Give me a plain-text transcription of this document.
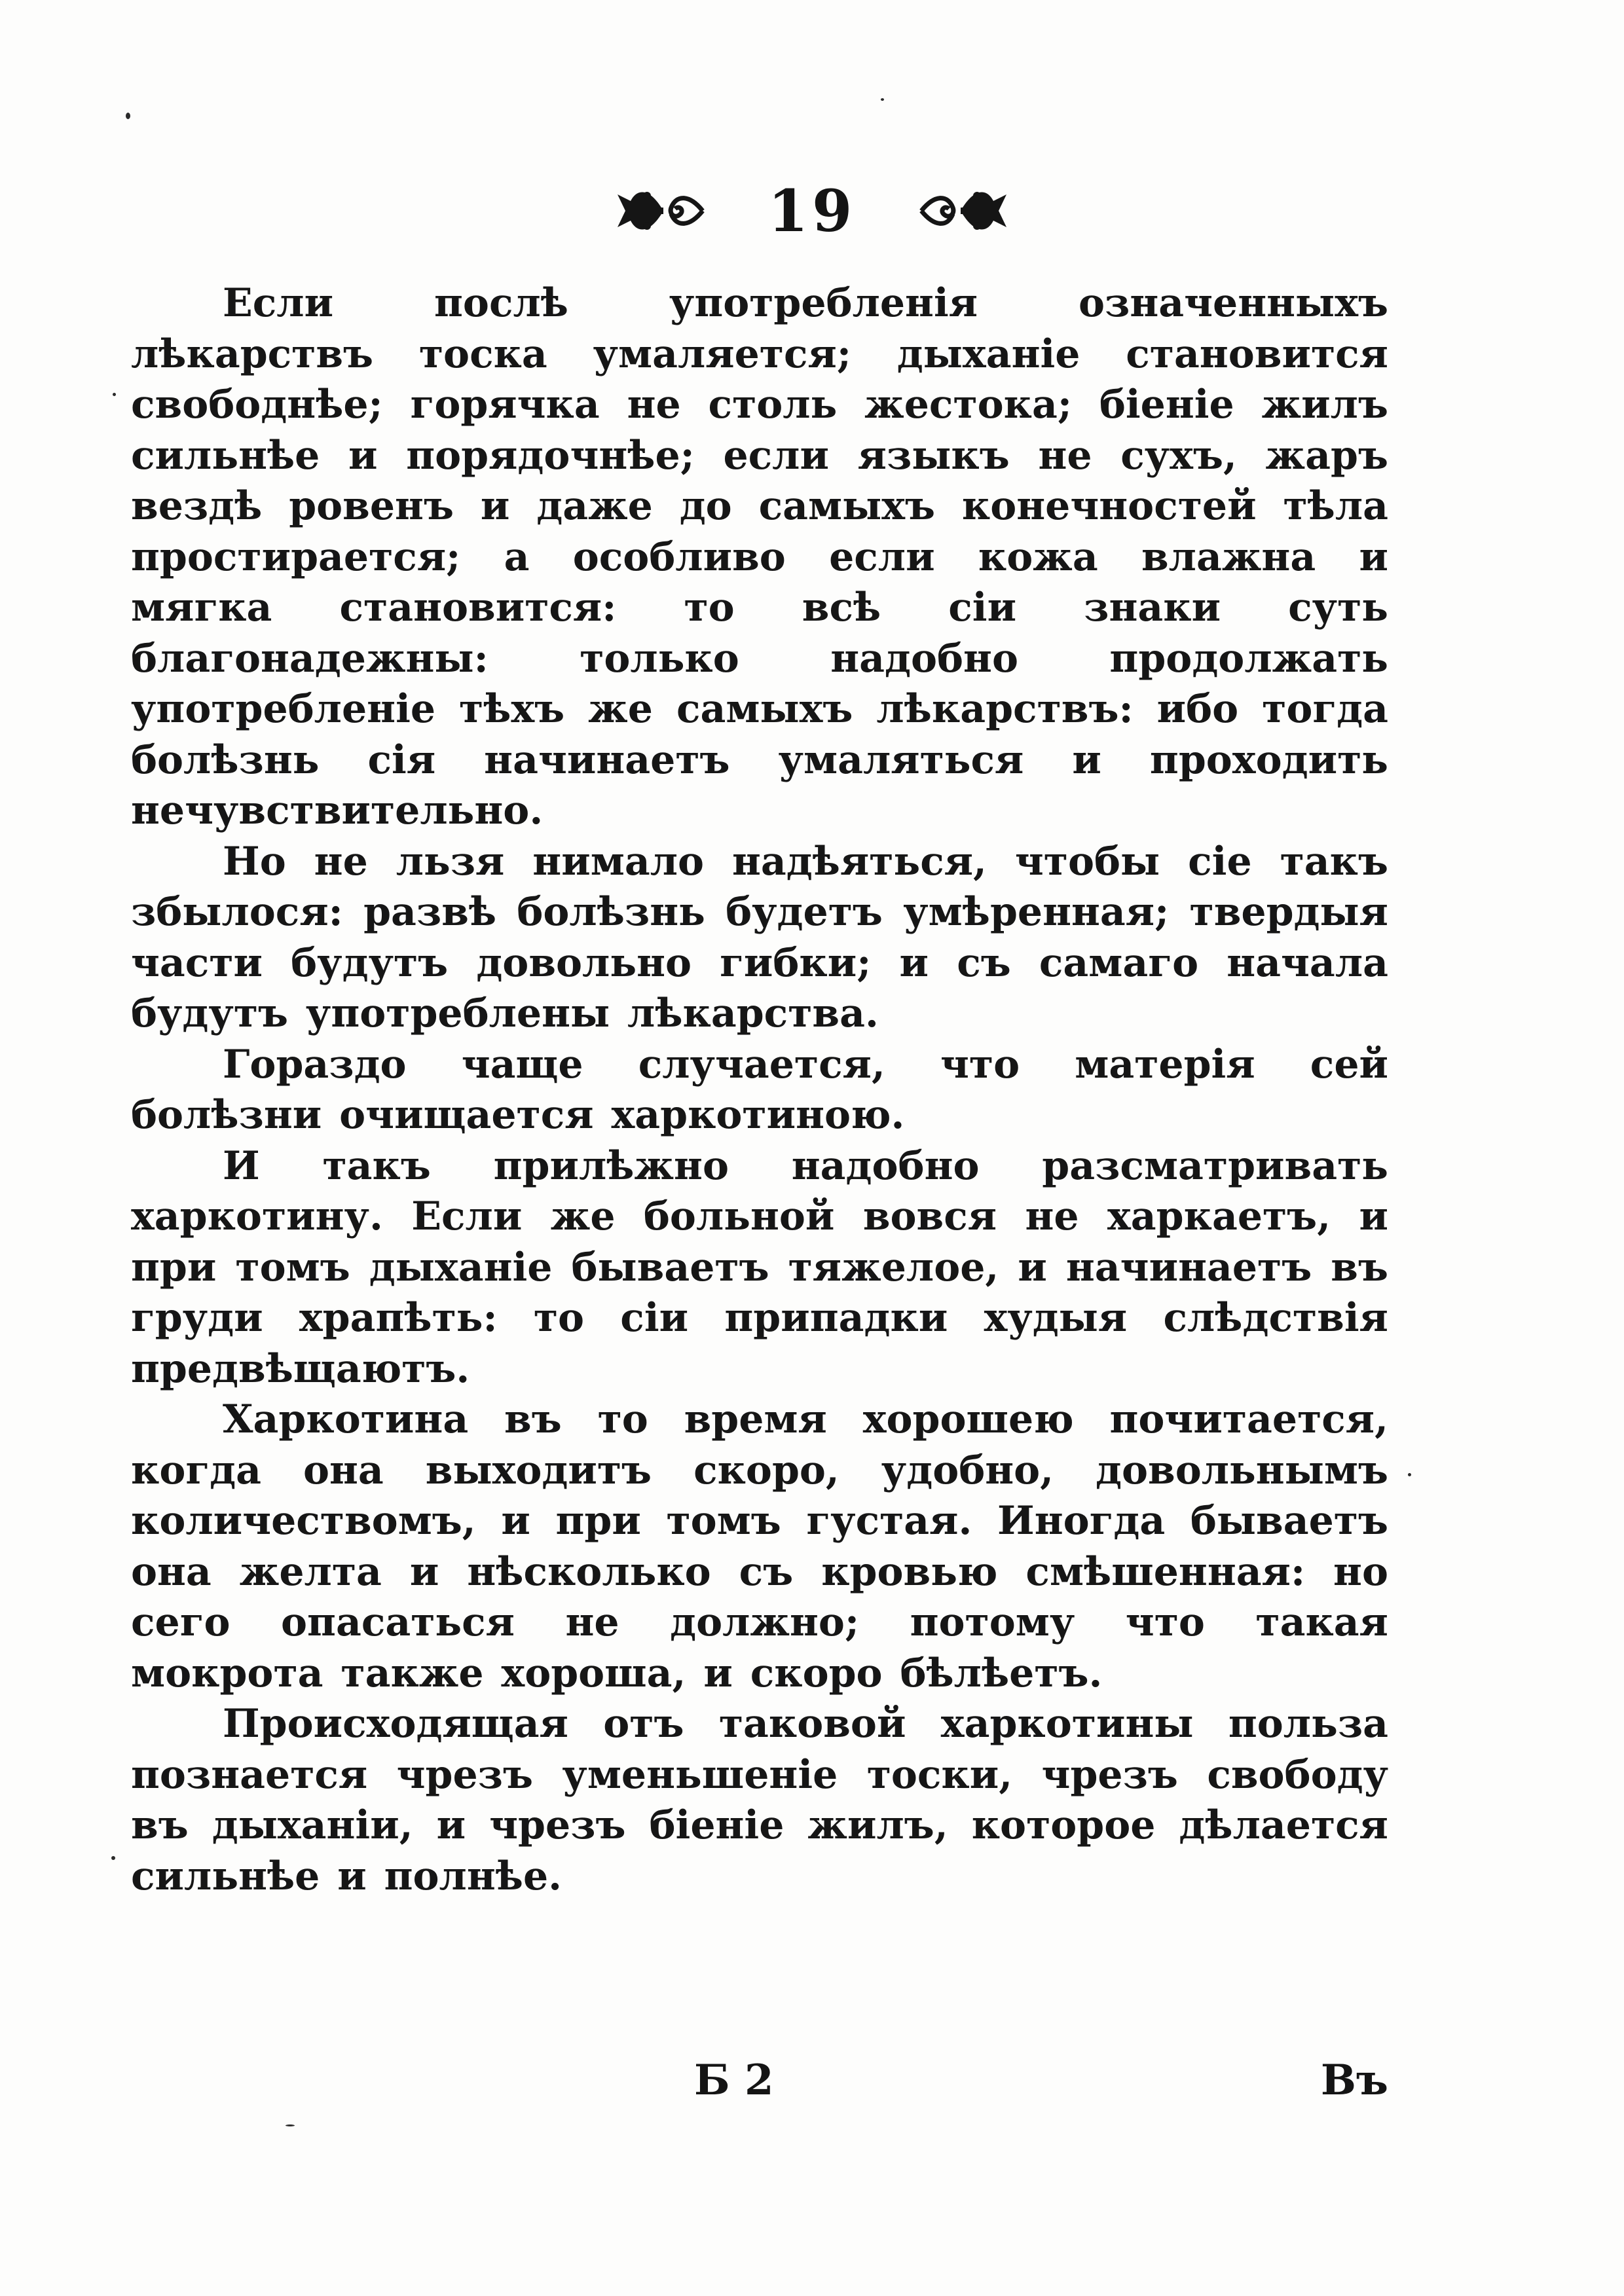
19

Если послѣ употребленія означенныхъ лѣкарствъ тоска умаляется; дыханіе становится свободнѣе; горячка не столь жестока; біеніе жилъ сильнѣе и порядочнѣе; если языкъ не сухъ, жаръ вездѣ ровенъ и даже до самыхъ конечностей тѣла простирается; а особливо если кожа влажна и мягка становится: то всѣ сіи знаки суть благонадежны: только надобно продолжать употребленіе тѣхъ же самыхъ лѣкарствъ: ибо тогда болѣзнь сія начинаетъ умаляться и проходить нечувствительно.

Но не льзя нимало надѣяться, чтобы сіе такъ збылося: развѣ болѣзнь будетъ умѣренная; твердыя части будутъ довольно гибки; и съ самаго начала будутъ употреблены лѣкарства.

Гораздо чаще случается, что матерія сей болѣзни очищается харкотиною.

И такъ прилѣжно надобно разсматривать харкотину. Если же больной вовся не харкаетъ, и при томъ дыханіе бываетъ тяжелое, и начинаетъ въ груди храпѣть: то сіи припадки худыя слѣдствія предвѣщаютъ.

Харкотина въ то время хорошею почитается, когда она выходитъ скоро, удобно, довольнымъ количествомъ, и при томъ густая. Иногда бываетъ она желта и нѣсколько съ кровью смѣшенная: но сего опасаться не должно; потому что такая мокрота также хороша, и скоро бѣлѣетъ.

Происходящая отъ таковой харкотины польза познается чрезъ уменьшеніе тоски, чрезъ свободу въ дыханіи, и чрезъ біеніе жилъ, которое дѣлается сильнѣе и полнѣе.

Б 2	Въ
